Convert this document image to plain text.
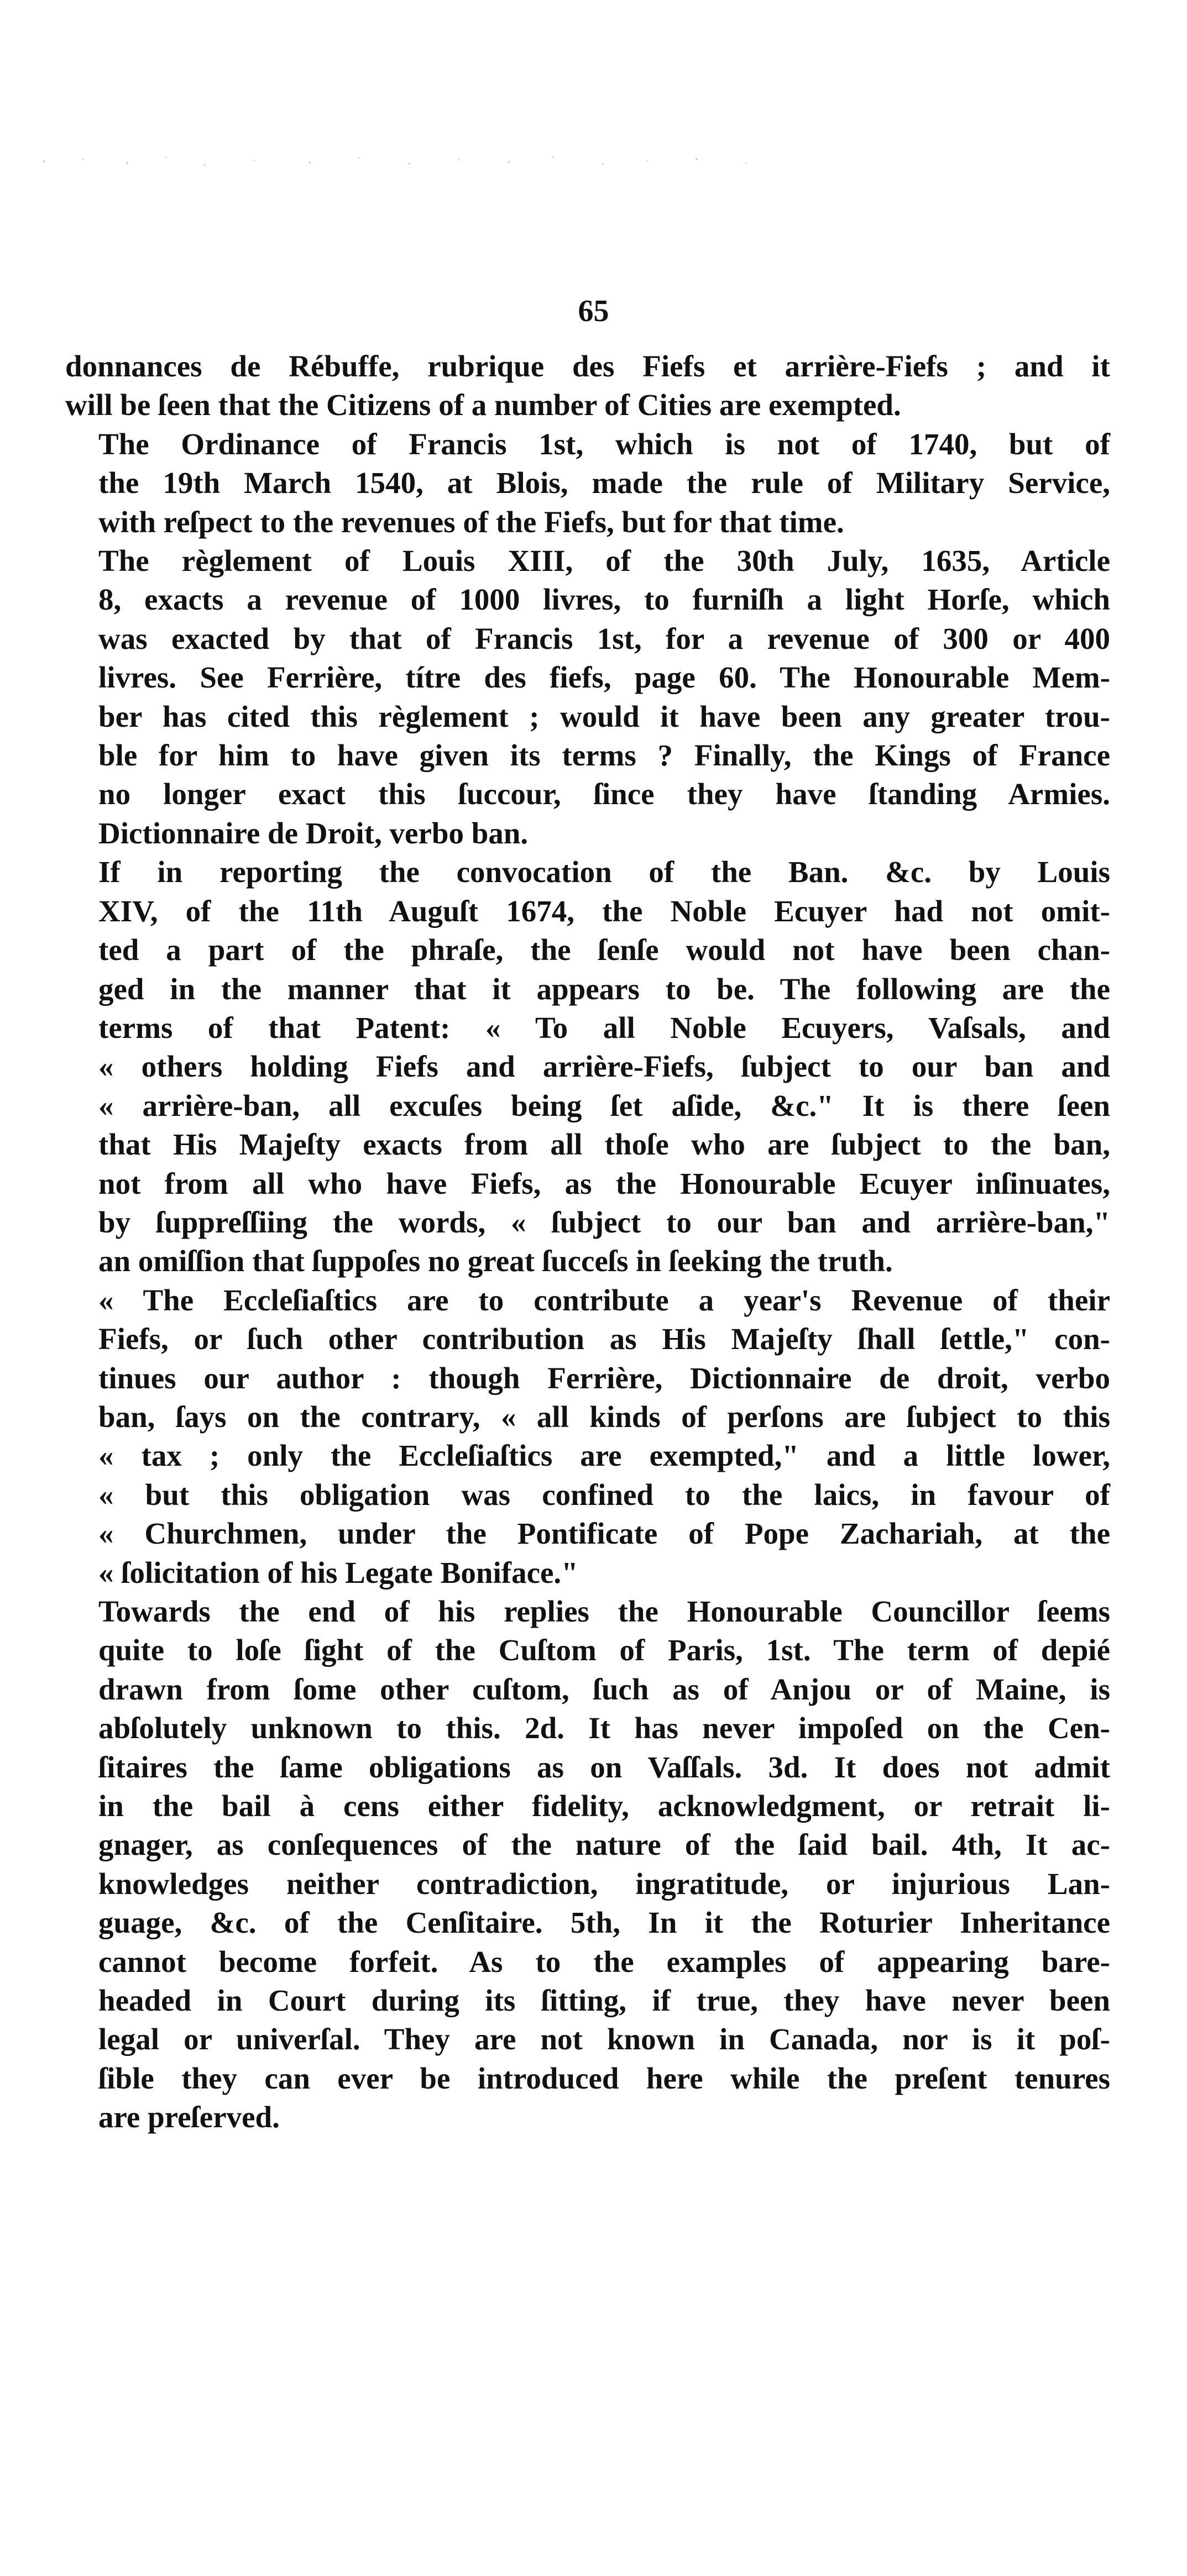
65
donnances de Rébuffe, rubrique des Fiefs et arrière-Fiefs ; and it
will be ſeen that the Citizens of a number of Cities are exempted.
The Ordinance of Francis 1st, which is not of 1740, but of
the 19th March 1540, at Blois, made the rule of Military Service,
with reſpect to the revenues of the Fiefs, but for that time.
The règlement of Louis XIII, of the 30th July, 1635, Article
8, exacts a revenue of 1000 livres, to furniſh a light Horſe, which
was exacted by that of Francis 1st, for a revenue of 300 or 400
livres. See Ferrière, títre des fiefs, page 60. The Honourable Mem-
ber has cited this règlement ; would it have been any greater trou-
ble for him to have given its terms ? Finally, the Kings of France
no longer exact this ſuccour, ſince they have ſtanding Armies.
Dictionnaire de Droit, verbo ban.
If in reporting the convocation of the Ban. &c. by Louis
XIV, of the 11th Auguſt 1674, the Noble Ecuyer had not omit-
ted a part of the phraſe, the ſenſe would not have been chan-
ged in the manner that it appears to be. The following are the
terms of that Patent: « To all Noble Ecuyers, Vaſsals, and
« others holding Fiefs and arrière-Fiefs, ſubject to our ban and
« arrière-ban, all excuſes being ſet aſide, &c." It is there ſeen
that His Majeſty exacts from all thoſe who are ſubject to the ban,
not from all who have Fiefs, as the Honourable Ecuyer inſinuates,
by ſuppreſſiing the words, « ſubject to our ban and arrière-ban,"
an omiſſion that ſuppoſes no great ſucceſs in ſeeking the truth.
« The Eccleſiaſtics are to contribute a year's Revenue of their
Fiefs, or ſuch other contribution as His Majeſty ſhall ſettle," con-
tinues our author : though Ferrière, Dictionnaire de droit, verbo
ban, ſays on the contrary, « all kinds of perſons are ſubject to this
« tax ; only the Eccleſiaſtics are exempted," and a little lower,
« but this obligation was confined to the laics, in favour of
« Churchmen, under the Pontificate of Pope Zachariah, at the
« ſolicitation of his Legate Boniface."
Towards the end of his replies the Honourable Councillor ſeems
quite to loſe ſight of the Cuſtom of Paris, 1st. The term of depié
drawn from ſome other cuſtom, ſuch as of Anjou or of Maine, is
abſolutely unknown to this. 2d. It has never impoſed on the Cen-
ſitaires the ſame obligations as on Vaſſals. 3d. It does not admit
in the bail à cens either fidelity, acknowledgment, or retrait li-
gnager, as conſequences of the nature of the ſaid bail. 4th, It ac-
knowledges neither contradiction, ingratitude, or injurious Lan-
guage, &c. of the Cenſitaire. 5th, In it the Roturier Inheritance
cannot become forfeit. As to the examples of appearing bare-
headed in Court during its ſitting, if true, they have never been
legal or univerſal. They are not known in Canada, nor is it poſ-
ſible they can ever be introduced here while the preſent tenures
are preſerved.
